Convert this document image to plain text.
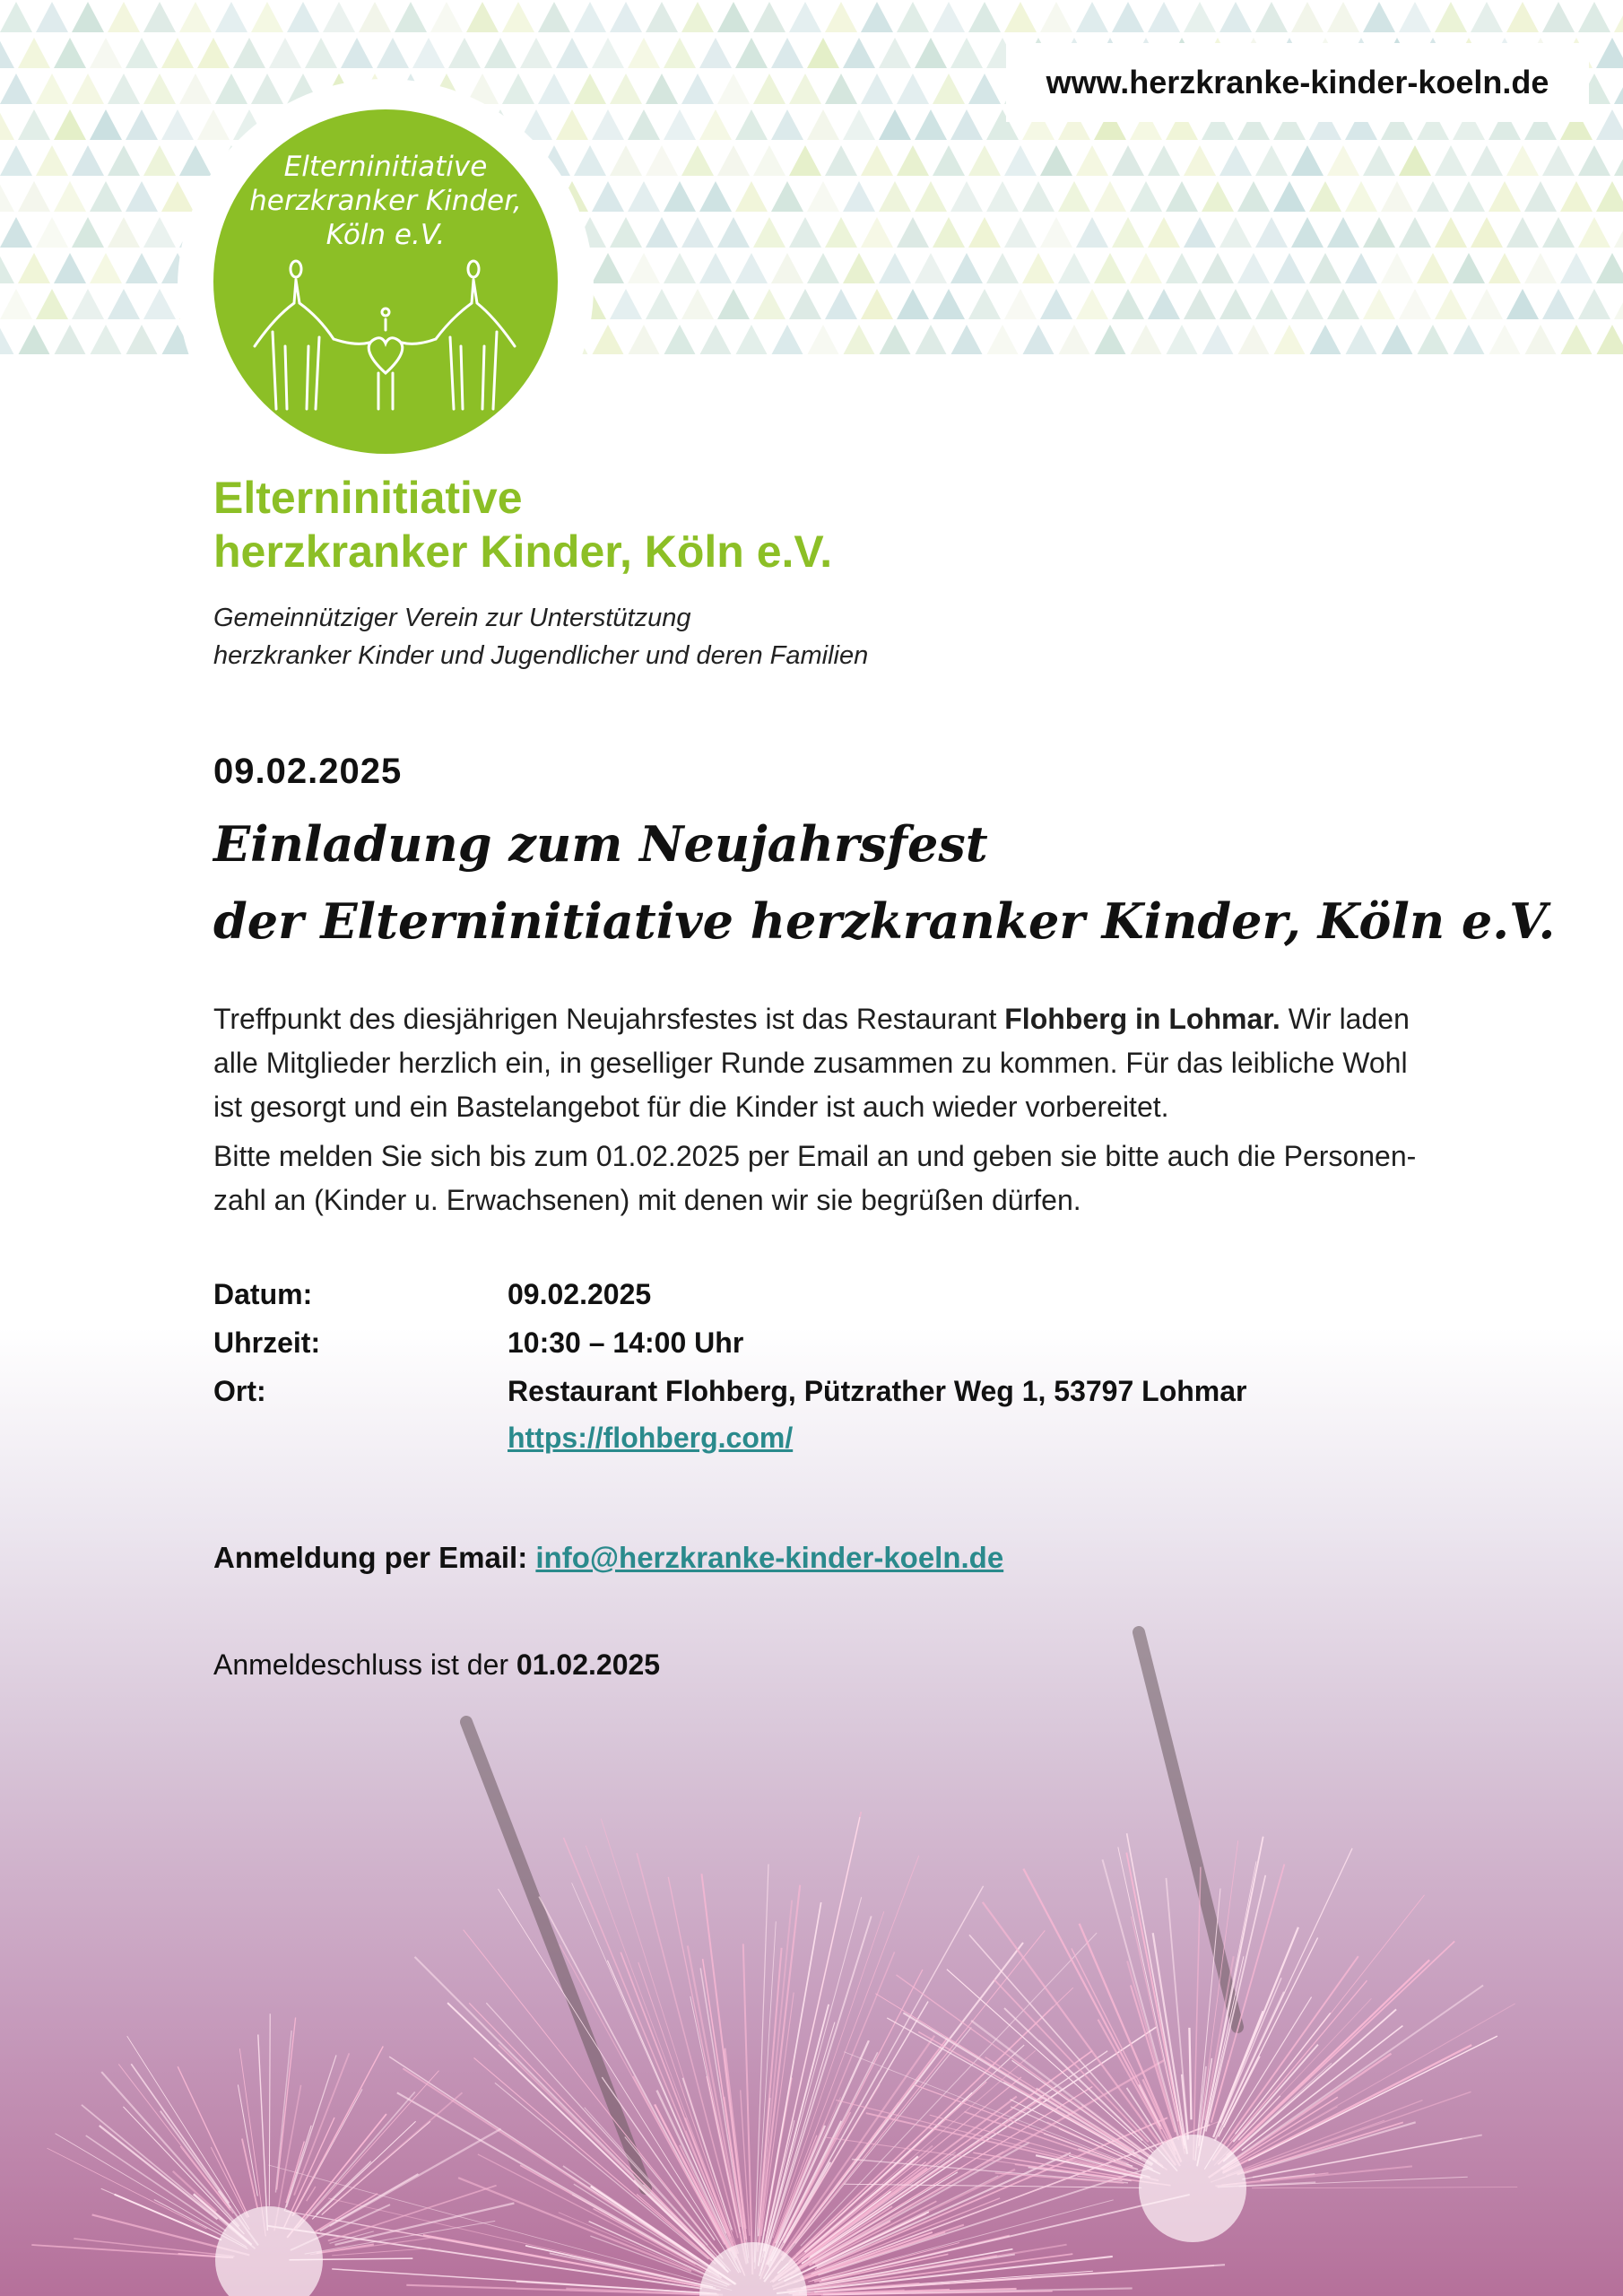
www.herzkranke-kinder-koeln.de
Elterninitiative
herzkranker Kinder,
Köln e.V.
Elterninitiative
herzkranker Kinder, Köln e.V.
Gemeinnütziger Verein zur Unterstützung
herzkranker Kinder und Jugendlicher und deren Familien
09.02.2025
Einladung zum Neujahrsfest
der Elterninitiative herzkranker Kinder, Köln e.V.

Treffpunkt des diesjährigen Neujahrsfestes ist das Restaurant Flohberg in Lohmar. Wir laden alle Mitglieder herzlich ein, in geselliger Runde zusammen zu kommen. Für das leibliche Wohl ist gesorgt und ein Bastelangebot für die Kinder ist auch wieder vorbereitet.

Bitte melden Sie sich bis zum 01.02.2025 per Email an und geben sie bitte auch die Personen-zahl an (Kinder u. Erwachsenen) mit denen wir sie begrüßen dürfen.

Datum:	09.02.2025
Uhrzeit:	10:30 – 14:00 Uhr
Ort:	Restaurant Flohberg, Pützrather Weg 1, 53797 Lohmar
https://flohberg.com/
Anmeldung per Email: info@herzkranke-kinder-koeln.de
Anmeldeschluss ist der 01.02.2025
